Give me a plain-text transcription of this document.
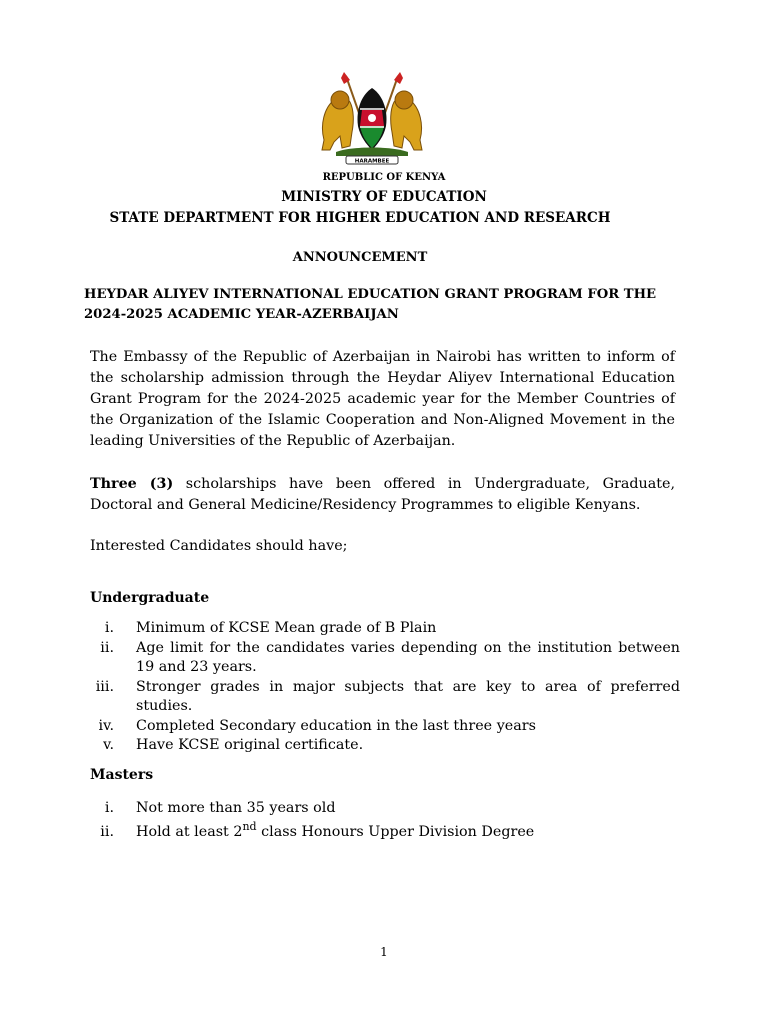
HARAMBEE
REPUBLIC OF KENYA
MINISTRY OF EDUCATION
STATE DEPARTMENT FOR HIGHER EDUCATION AND RESEARCH
ANNOUNCEMENT
HEYDAR ALIYEV INTERNATIONAL EDUCATION GRANT PROGRAM FOR THE
2024-2025 ACADEMIC YEAR-AZERBAIJAN
The Embassy of the Republic of Azerbaijan in Nairobi has written to inform of the scholarship admission through the Heydar Aliyev International Education Grant Program for the 2024-2025 academic year for the Member Countries of the Organization of the Islamic Cooperation and Non-Aligned Movement in the leading Universities of the Republic of Azerbaijan.
Three (3) scholarships have been offered in Undergraduate, Graduate, Doctoral and General Medicine/Residency Programmes to eligible Kenyans.
Interested Candidates should have;
Undergraduate
i. Minimum of KCSE Mean grade of B Plain
ii. Age limit for the candidates varies depending on the institution between 19 and 23 years.
iii. Stronger grades in major subjects that are key to area of preferred studies.
iv. Completed Secondary education in the last three years
v. Have KCSE original certificate.
Masters
i. Not more than 35 years old
ii. Hold at least 2nd class Honours Upper Division Degree
1
